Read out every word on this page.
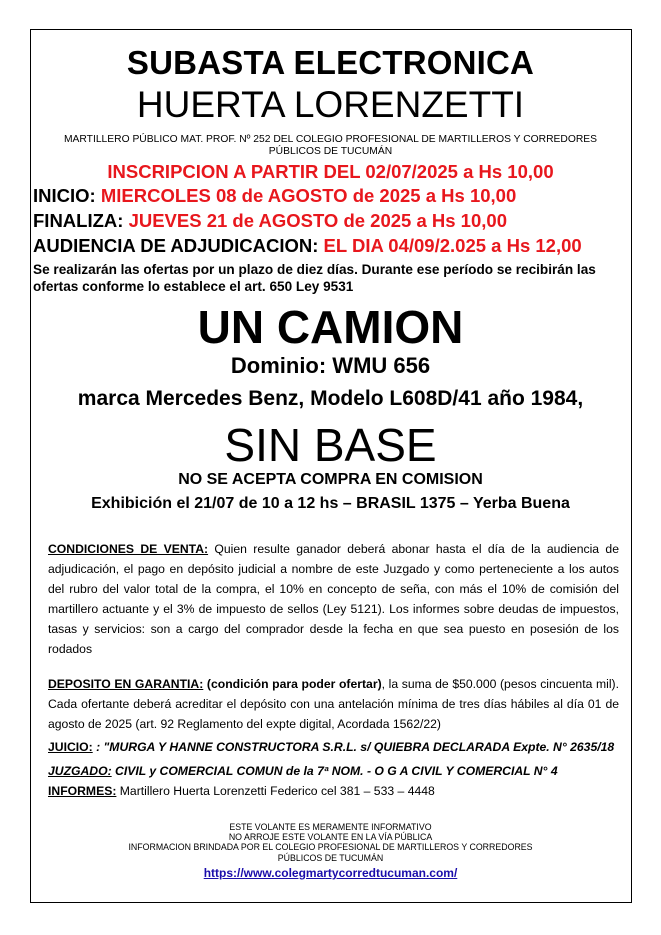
SUBASTA ELECTRONICA
HUERTA LORENZETTI
MARTILLERO PÚBLICO MAT. PROF. Nº 252 DEL COLEGIO PROFESIONAL DE MARTILLEROS Y CORREDORES PÚBLICOS DE TUCUMÁN
INSCRIPCION A PARTIR DEL 02/07/2025 a Hs 10,00
INICIO: MIERCOLES 08 de AGOSTO de 2025 a Hs 10,00
FINALIZA: JUEVES 21 de AGOSTO de 2025 a Hs 10,00
AUDIENCIA DE ADJUDICACION: EL DIA 04/09/2.025 a Hs 12,00
Se realizarán las ofertas por un plazo de diez días. Durante ese período se recibirán las ofertas conforme lo establece el art. 650 Ley 9531
UN CAMION
Dominio: WMU 656
marca Mercedes Benz, Modelo L608D/41 año 1984,
SIN BASE
NO SE ACEPTA COMPRA EN COMISION
Exhibición el 21/07 de 10 a 12 hs – BRASIL 1375 – Yerba Buena
CONDICIONES DE VENTA: Quien resulte ganador deberá abonar hasta el día de la audiencia de adjudicación, el pago en depósito judicial a nombre de este Juzgado y como perteneciente a los autos del rubro del valor total de la compra, el 10% en concepto de seña, con más el 10% de comisión del martillero actuante y el 3% de impuesto de sellos (Ley 5121). Los informes sobre deudas de impuestos, tasas y servicios: son a cargo del comprador desde la fecha en que sea puesto en posesión de los rodados
DEPOSITO EN GARANTIA: (condición para poder ofertar), la suma de $50.000 (pesos cincuenta mil). Cada ofertante deberá acreditar el depósito con una antelación mínima de tres días hábiles al día 01 de agosto de 2025 (art. 92 Reglamento del expte digital, Acordada 1562/22)
JUICIO: : "MURGA Y HANNE CONSTRUCTORA S.R.L. s/ QUIEBRA DECLARADA Expte. N° 2635/18
JUZGADO: CIVIL y COMERCIAL COMUN de la 7ª NOM. - O G A CIVIL Y COMERCIAL N° 4
INFORMES: Martillero Huerta Lorenzetti Federico cel 381 – 533 – 4448
ESTE VOLANTE ES MERAMENTE INFORMATIVO
NO ARROJE ESTE VOLANTE EN LA VÍA PÚBLICA
INFORMACION BRINDADA POR EL COLEGIO PROFESIONAL DE MARTILLEROS Y CORREDORES PÚBLICOS DE TUCUMÁN
https://www.colegmartycorredtucuman.com/
